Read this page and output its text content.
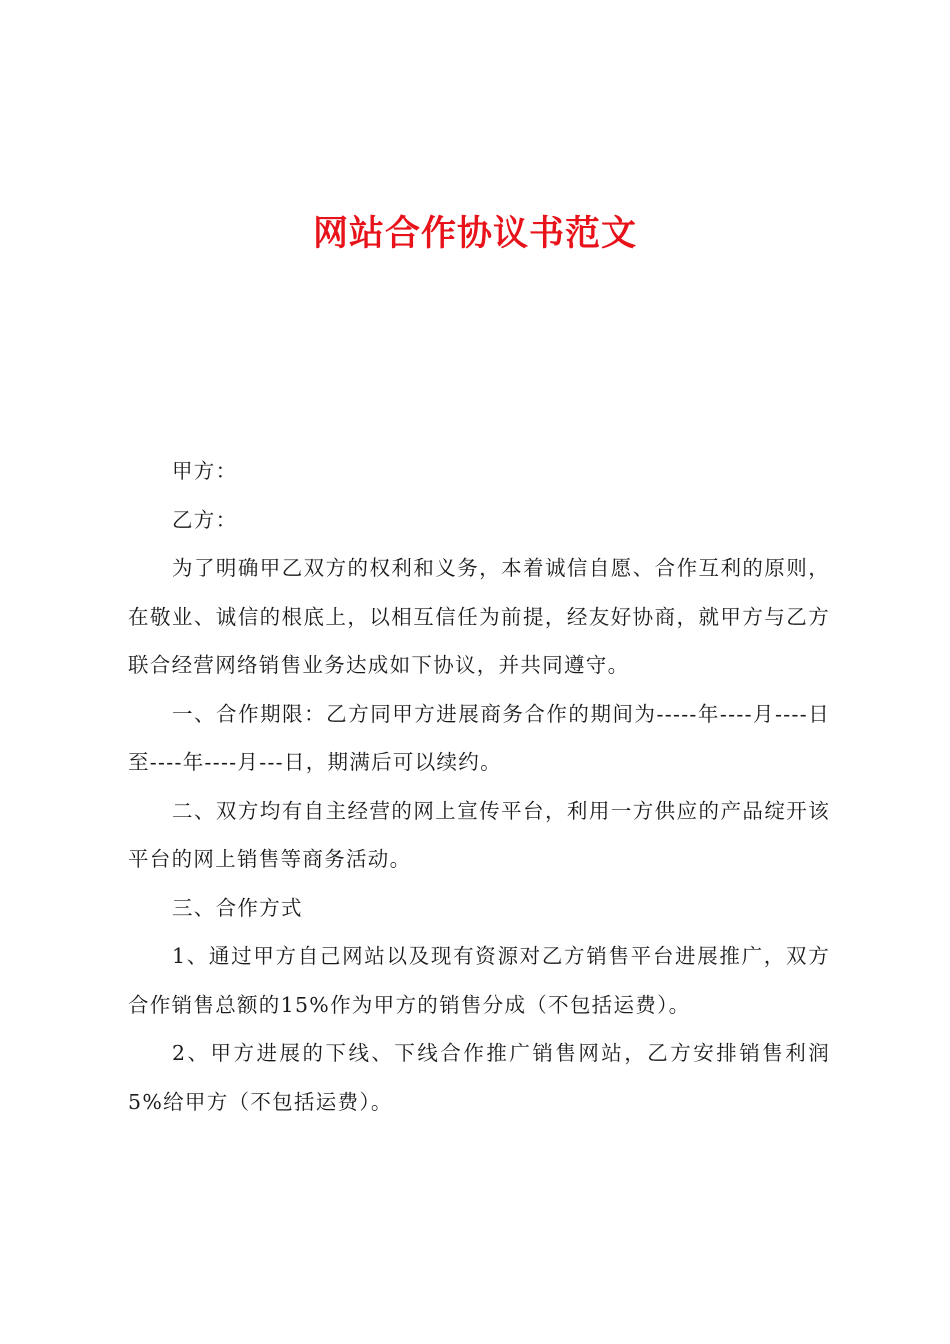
网站合作协议书范文

甲方：

乙方：

为了明确甲乙双方的权利和义务，本着诚信自愿、合作互利的原则，在敬业、诚信的根底上，以相互信任为前提，经友好协商，就甲方与乙方联合经营网络销售业务达成如下协议，并共同遵守。

一、合作期限：乙方同甲方进展商务合作的期间为-----年----月----日至----年----月---日，期满后可以续约。

二、双方均有自主经营的网上宣传平台，利用一方供应的产品绽开该平台的网上销售等商务活动。

三、合作方式

1、通过甲方自己网站以及现有资源对乙方销售平台进展推广，双方合作销售总额的15%作为甲方的销售分成（不包括运费）。

2、甲方进展的下线、下线合作推广销售网站，乙方安排销售利润5%给甲方（不包括运费）。
